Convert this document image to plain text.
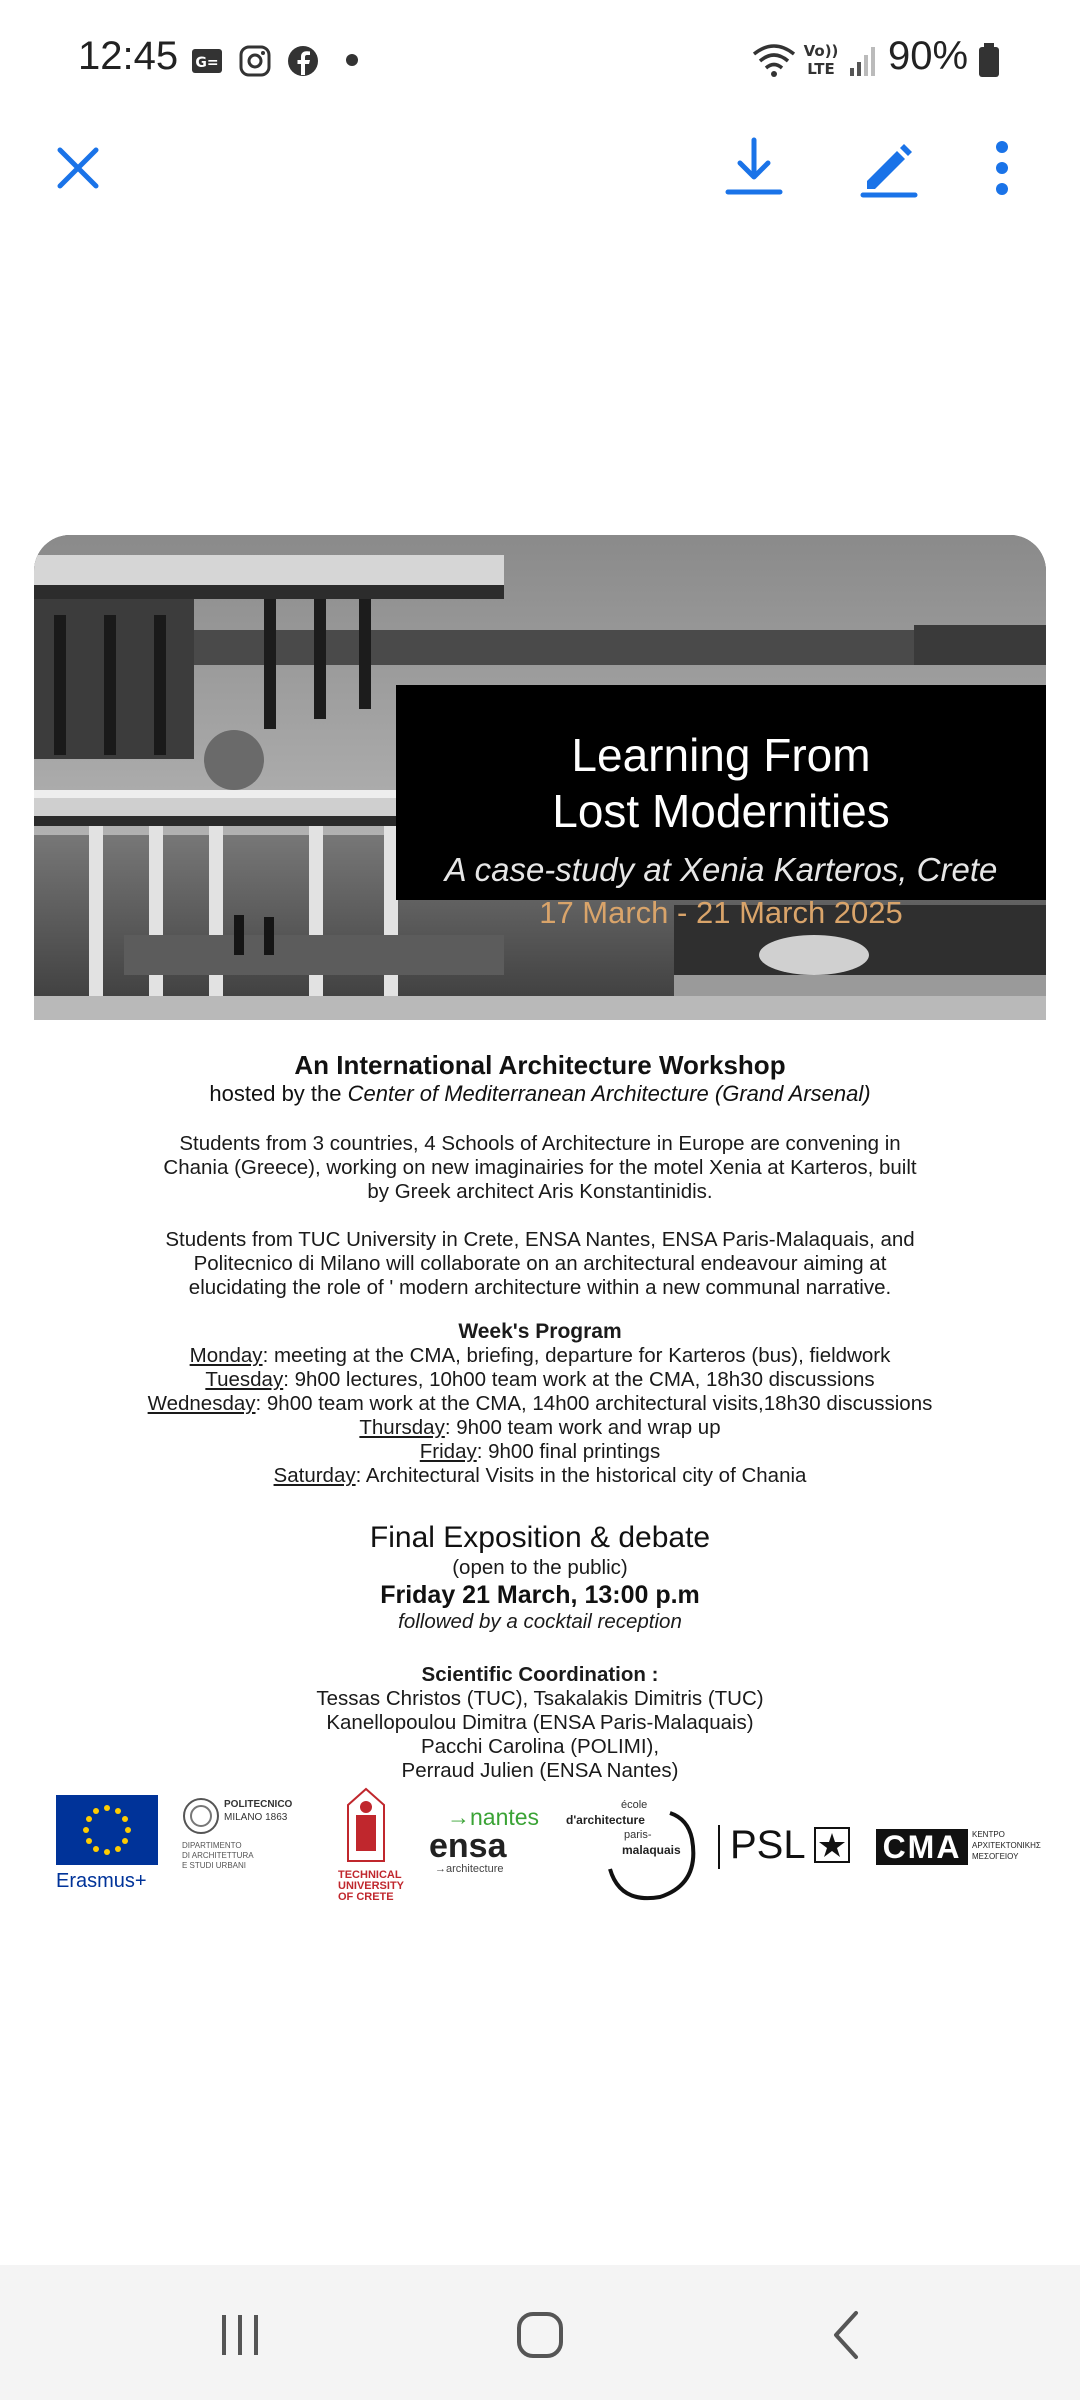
12:45 G=
Vo))
LTE 90%
Learning From
Lost Modernities
A case-study at Xenia Karteros, Crete
17 March - 21 March 2025
An International Architecture Workshop
hosted by the Center of Mediterranean Architecture (Grand Arsenal)
Students from 3 countries, 4 Schools of Architecture in Europe are convening in
Chania (Greece), working on new imaginairies for the motel Xenia at Karteros, built
by Greek architect Aris Konstantinidis.
Students from TUC University in Crete, ENSA Nantes, ENSA Paris-Malaquais, and
Politecnico di Milano will collaborate on an architectural endeavour aiming at
elucidating the role of ' modern architecture within a new communal narrative.
Week's Program
Monday: meeting at the CMA, briefing, departure for Karteros (bus), fieldwork
Tuesday: 9h00 lectures, 10h00 team work at the CMA, 18h30 discussions
Wednesday: 9h00 team work at the CMA, 14h00 architectural visits,18h30 discussions
Thursday: 9h00 team work and wrap up
Friday: 9h00 final printings
Saturday: Architectural Visits in the historical city of Chania
Final Exposition & debate
(open to the public)
Friday 21 March, 13:00 p.m
followed by a cocktail reception
Scientific Coordination :
Tessas Christos (TUC), Tsakalakis Dimitris (TUC)
Kanellopoulou Dimitra (ENSA Paris-Malaquais)
Pacchi Carolina (POLIMI),
Perraud Julien (ENSA Nantes)
Erasmus+
POLITECNICO
MILANO 1863
DIPARTIMENTO
DI ARCHITETTURA
E STUDI URBANI
TECHNICAL
UNIVERSITY
OF CRETE
→nantes
ensa
→architecture
école
d'architecture
paris-
malaquais PSL CMA	ΚΕΝΤΡΟ
ΑΡΧΙΤΕΚΤΟΝΙΚΗΣ
ΜΕΣΟΓΕΙΟΥ
